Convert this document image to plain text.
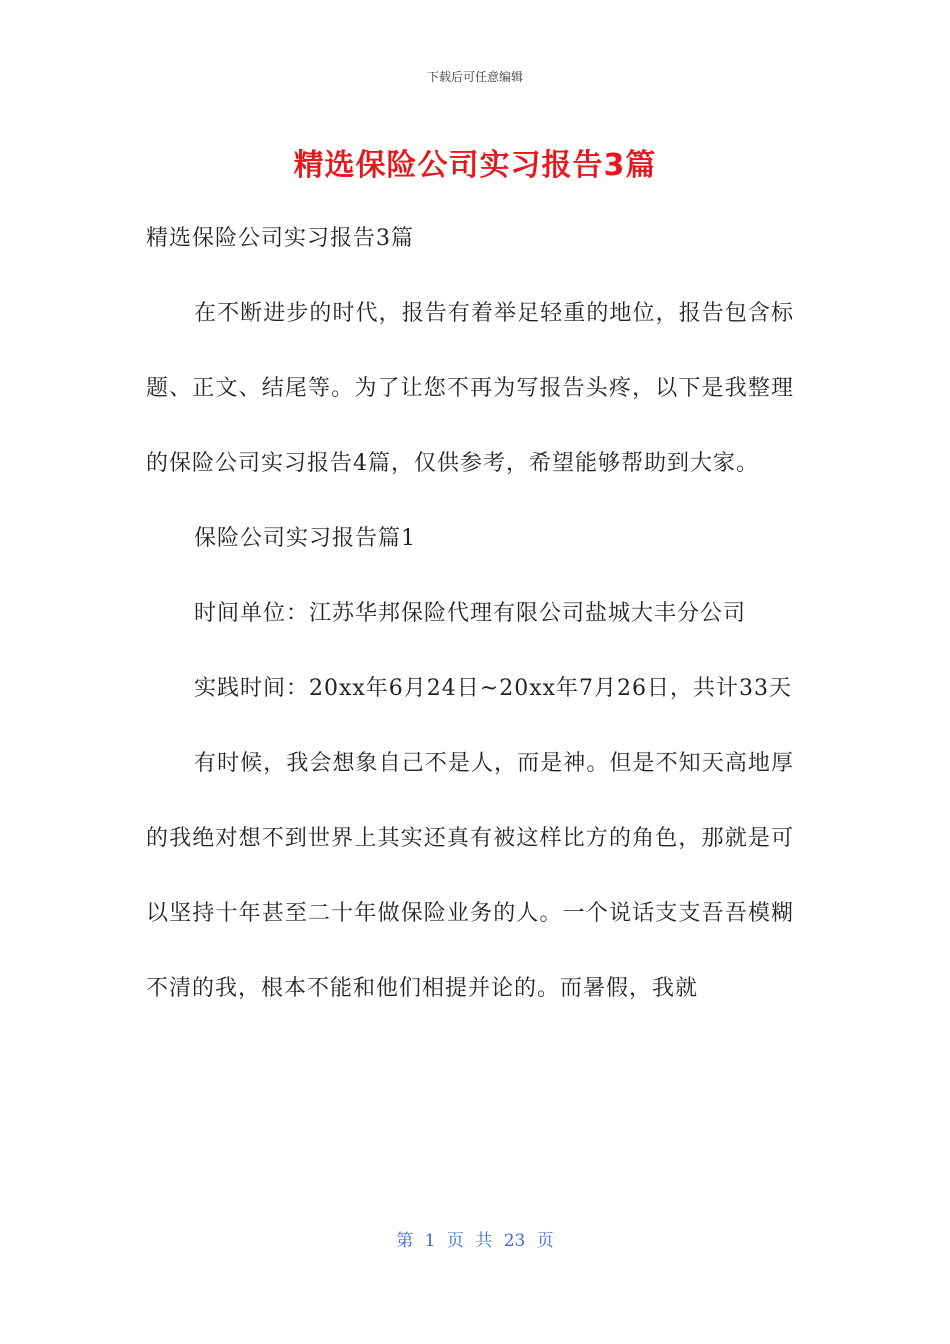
下载后可任意编辑
精选保险公司实习报告3篇

精选保险公司实习报告3篇

在不断进步的时代，报告有着举足轻重的地位，报告包含标题、正文、结尾等。为了让您不再为写报告头疼，以下是我整理的保险公司实习报告4篇，仅供参考，希望能够帮助到大家。

保险公司实习报告篇1

时间单位：江苏华邦保险代理有限公司盐城大丰分公司

实践时间：20xx年6月24日~20xx年7月26日，共计33天

有时候，我会想象自己不是人，而是神。但是不知天高地厚的我绝对想不到世界上其实还真有被这样比方的角色，那就是可以坚持十年甚至二十年做保险业务的人。一个说话支支吾吾模糊不清的我，根本不能和他们相提并论的。而暑假，我就

第 1 页 共 23 页
